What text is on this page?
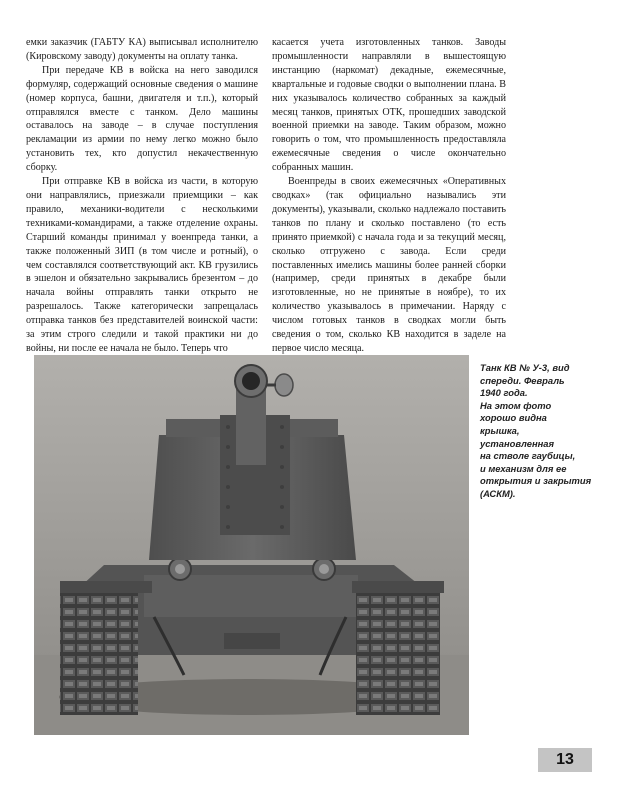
емки заказчик (ГАБТУ КА) выписывал исполнителю (Кировскому заводу) документы на оплату танка.

При передаче КВ в войска на него заводился формуляр, содержащий основные сведения о машине (номер корпуса, башни, двигателя и т.п.), который отправлялся вместе с танком. Дело машины оставалось на заводе – в случае поступления рекламации из армии по нему легко можно было установить тех, кто допустил некачественную сборку.

При отправке КВ в войска из части, в которую они направлялись, приезжали приемщики – как правило, механики-водители с несколькими техниками-командирами, а также отделение охраны. Старший команды принимал у военпреда танки, а также положенный ЗИП (в том числе и ротный), о чем составлялся соответствующий акт. КВ грузились в эшелон и обязательно закрывались брезентом – до начала войны отправлять танки открыто не разрешалось. Также категорически запрещалась отправка танков без представителей воинской части: за этим строго следили и такой практики ни до войны, ни после ее начала не было. Теперь что

касается учета изготовленных танков. Заводы промышленности направляли в вышестоящую инстанцию (наркомат) декадные, ежемесячные, квартальные и годовые сводки о выполнении плана. В них указывалось количество собранных за каждый месяц танков, принятых ОТК, прошедших заводской военной приемки на заводе. Таким образом, можно говорить о том, что промышленность предоставляла ежемесячные сведения о числе окончательно собранных машин.

Военпреды в своих ежемесячных «Оперативных сводках» (так официально назывались эти документы), указывали, сколько надлежало поставить танков по плану и сколько поставлено (то есть принято приемкой) с начала года и за текущий месяц, сколько отгружено с завода. Если среди поставленных имелись машины более ранней сборки (например, среди принятых в декабре были изготовленные, но не принятые в ноябре), то их количество указывалось в примечании. Наряду с числом готовых танков в сводках могли быть сведения о том, сколько КВ находится в заделе на первое число месяца.

Танк КВ № У-3, вид
спереди. Февраль
1940 года.
На этом фото
хорошо видна
крышка,
установленная
на стволе гаубицы,
и механизм для ее
открытия и закрытия
(АСКМ).
13
